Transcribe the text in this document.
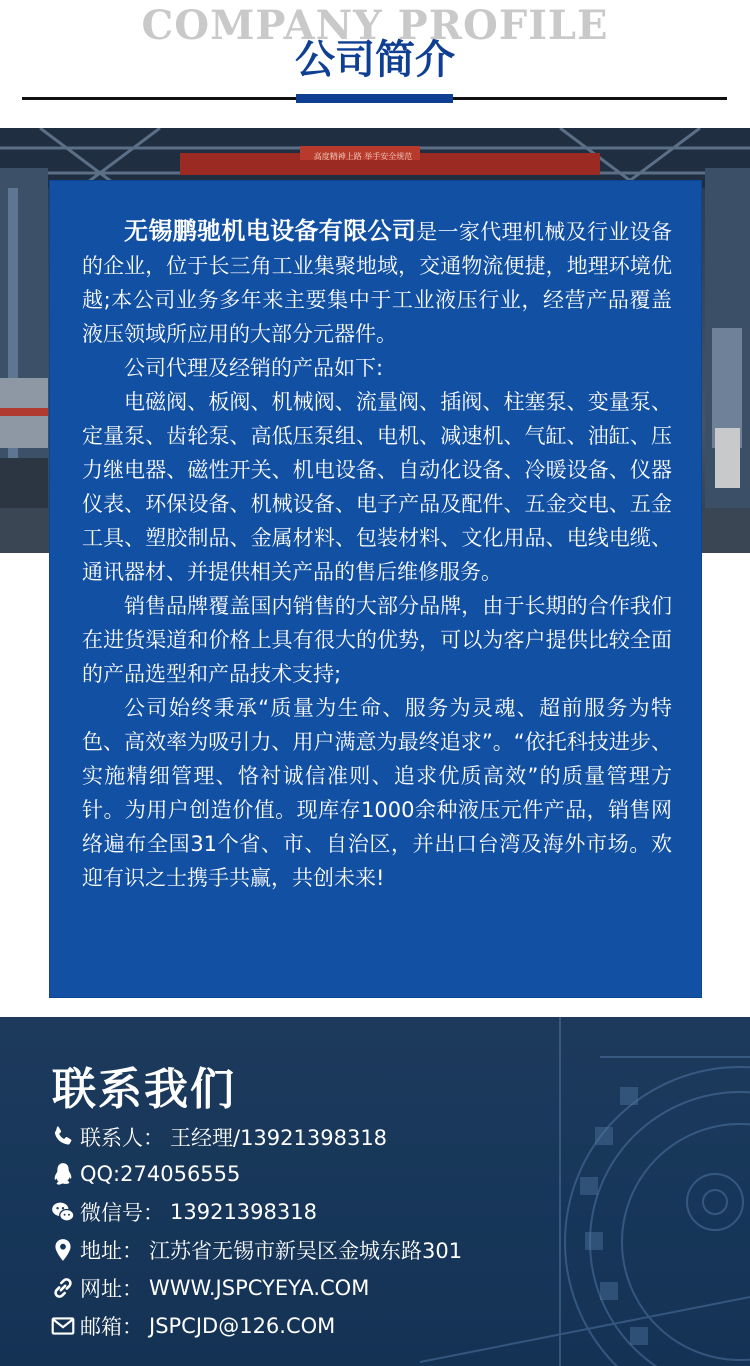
COMPANY PROFILE
公司简介
高度精神上路 举手安全规范

无锡鹏驰机电设备有限公司是一家代理机械及行业设备的企业，位于长三角工业集聚地域，交通物流便捷，地理环境优越;本公司业务多年来主要集中于工业液压行业，经营产品覆盖液压领域所应用的大部分元器件。

公司代理及经销的产品如下:

电磁阀、板阀、机械阀、流量阀、插阀、柱塞泵、变量泵、定量泵、齿轮泵、高低压泵组、电机、减速机、气缸、油缸、压力继电器、磁性开关、机电设备、自动化设备、冷暖设备、仪器仪表、环保设备、机械设备、电子产品及配件、五金交电、五金工具、塑胶制品、金属材料、包装材料、文化用品、电线电缆、通讯器材、并提供相关产品的售后维修服务。

销售品牌覆盖国内销售的大部分品牌，由于长期的合作我们在进货渠道和价格上具有很大的优势，可以为客户提供比较全面的产品选型和产品技术支持;

公司始终秉承“质量为生命、服务为灵魂、超前服务为特色、高效率为吸引力、用户满意为最终追求”。“依托科技进步、实施精细管理、恪衬诚信准则、追求优质高效”的质量管理方针。为用户创造价值。现库存1000余种液压元件产品，销售网络遍布全国31个省、市、自治区，并出口台湾及海外市场。欢迎有识之士携手共赢，共创未来!

联系我们
联系人： 王经理/13921398318
QQ:274056555
微信号： 13921398318
地址： 江苏省无锡市新吴区金城东路301
网址： WWW.JSPCYEYA.COM
邮箱： JSPCJD@126.COM
